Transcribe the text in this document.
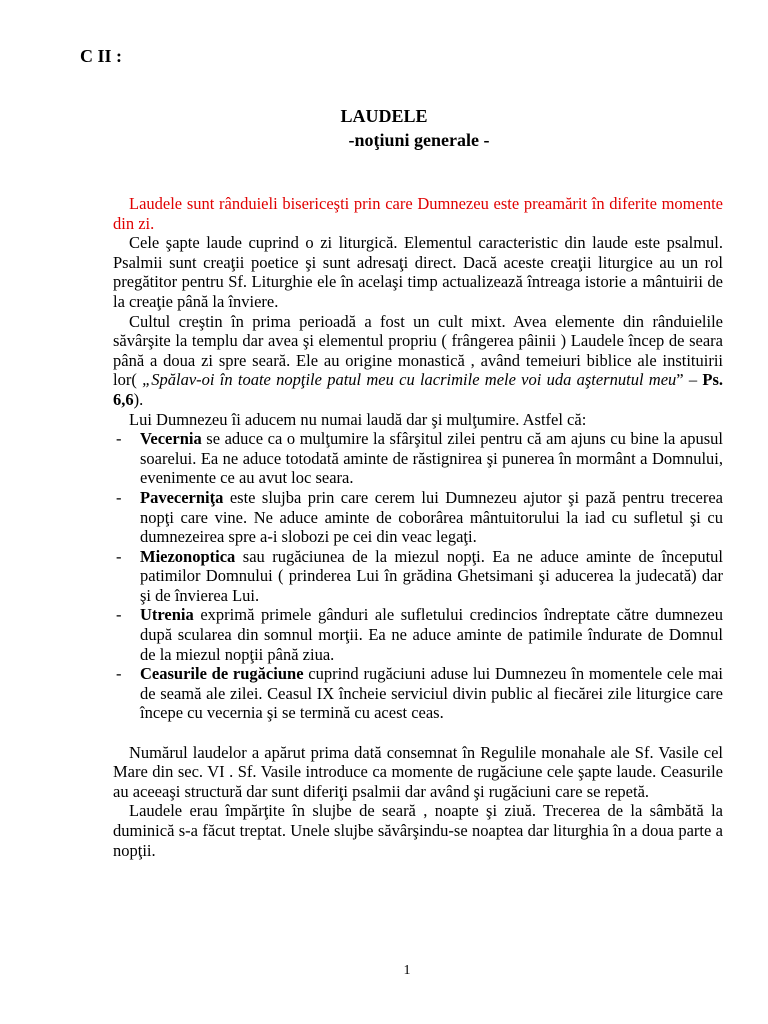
C II :
LAUDELE
-noţiuni generale -

Laudele sunt rânduieli bisericeşti prin care Dumnezeu este preamărit în diferite momente din zi.

Cele şapte laude cuprind o zi liturgică. Elementul caracteristic din laude este psalmul. Psalmii sunt creaţii poetice şi sunt adresaţi direct. Dacă aceste creaţii liturgice au un rol pregătitor pentru Sf. Liturghie ele în acelaşi timp actualizează întreaga istorie a mântuirii de la creaţie până la înviere.

Cultul creştin în prima perioadă a fost un cult mixt. Avea elemente din rânduielile săvârşite la templu dar avea şi elementul propriu ( frângerea pâinii ) Laudele încep de seara până a doua zi spre seară. Ele au origine monastică , având temeiuri biblice ale instituirii lor( „Spălav-oi în toate nopţile patul meu cu lacrimile mele voi uda aşternutul meu” – Ps. 6,6).

Lui Dumnezeu îi aducem nu numai laudă dar şi mulţumire. Astfel că:

- Vecernia se aduce ca o mulţumire la sfârşitul zilei pentru că am ajuns cu bine la apusul soarelui. Ea ne aduce totodată aminte de răstignirea şi punerea în mormânt a Domnului, evenimente ce au avut loc seara.
- Pavecerniţa este slujba prin care cerem lui Dumnezeu ajutor şi pază pentru trecerea nopţi care vine. Ne aduce aminte de coborârea mântuitorului la iad cu sufletul şi cu dumnezeirea spre a-i slobozi pe cei din veac legaţi.
- Miezonoptica sau rugăciunea de la miezul nopţi. Ea ne aduce aminte de începutul patimilor Domnului ( prinderea Lui în grădina Ghetsimani şi aducerea la judecată) dar şi de învierea Lui.
- Utrenia exprimă primele gânduri ale sufletului credincios îndreptate către dumnezeu după sculareа din somnul morţii. Ea ne aduce aminte de patimile îndurate de Domnul de la miezul nopţii până ziua.
- Ceasurile de rugăciune cuprind rugăciuni aduse lui Dumnezeu în momentele cele mai de seamă ale zilei. Ceasul IX încheie serviciul divin public al fiecărei zile liturgice care începe cu vecernia şi se termină cu acest ceas.

Numărul laudelor a apărut prima dată consemnat în Regulile monahale ale Sf. Vasile cel Mare din sec. VI . Sf. Vasile introduce ca momente de rugăciune cele şapte laude. Ceasurile au aceeaşi structură dar sunt diferiţi psalmii dar având şi rugăciuni care se repetă.

Laudele erau împărţite în slujbe de seară , noapte şi ziuă. Trecerea de la sâmbătă la duminică s-a făcut treptat. Unele slujbe săvârşindu-se noaptea dar liturghia în a doua parte a nopţii.

1
